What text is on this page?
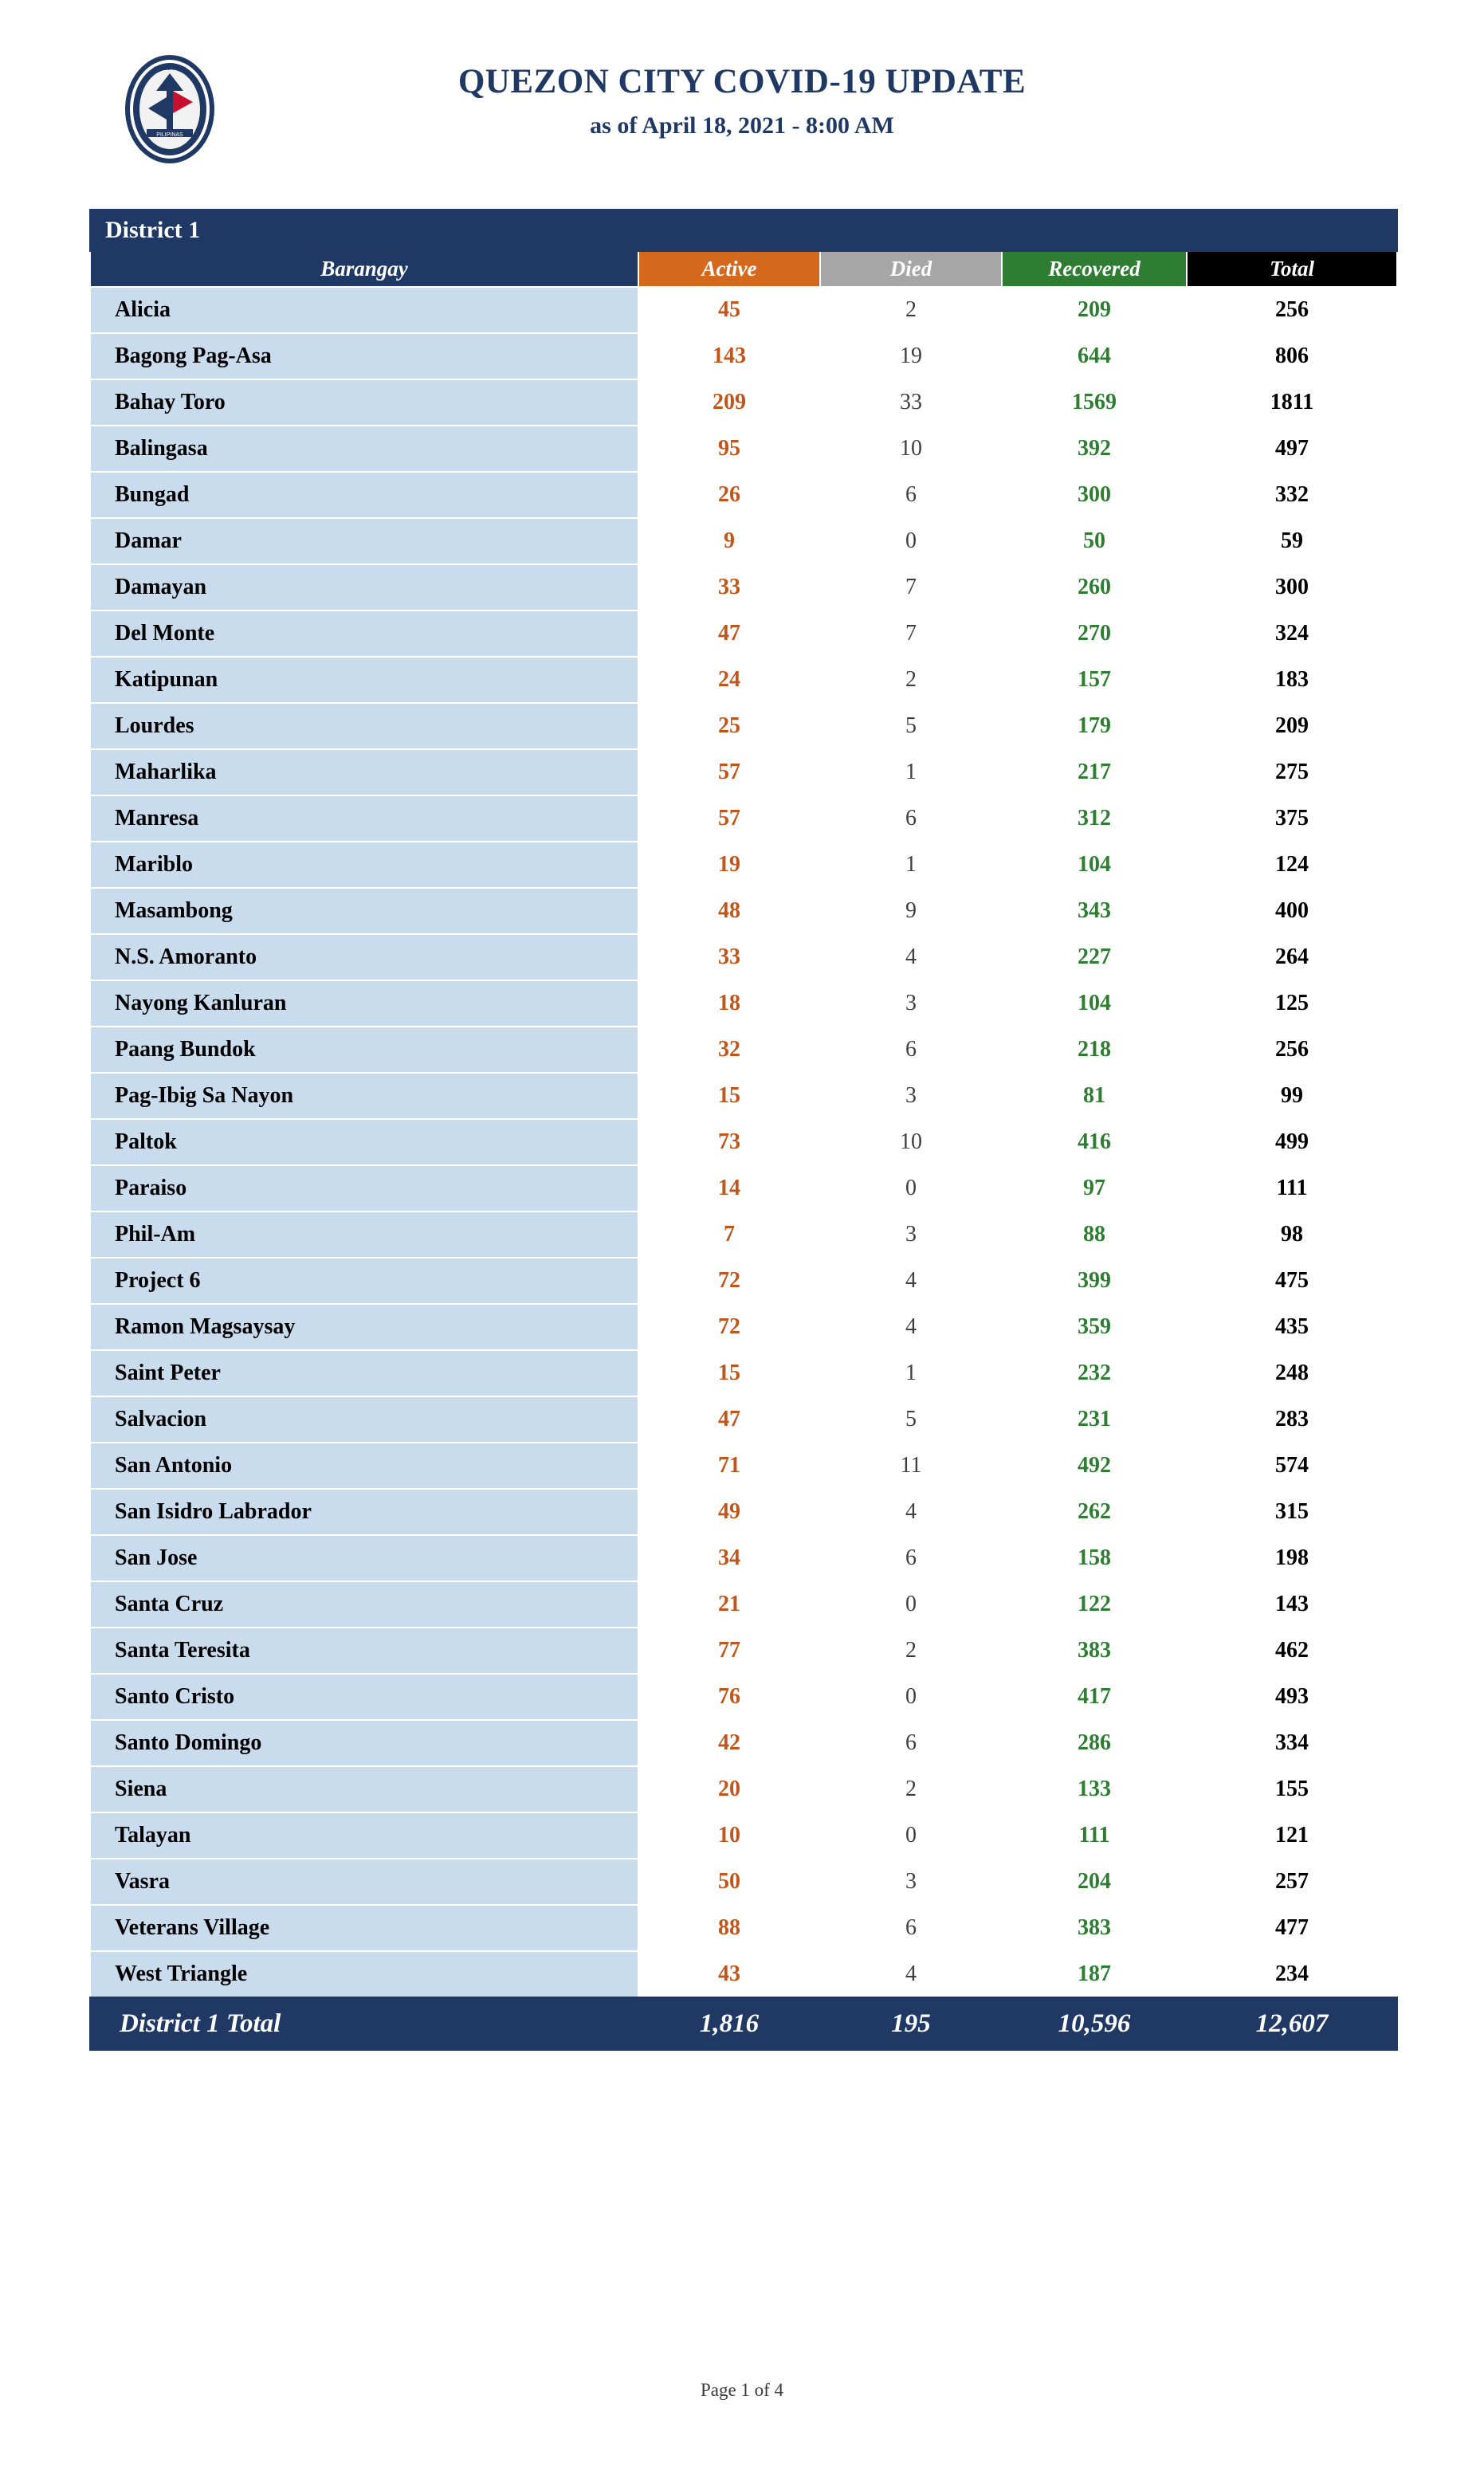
PILIPINAS
QUEZON CITY	QUEZON CITY COVID-19 UPDATE
as of April 18, 2021 - 8:00 AM
District 1				
Barangay	Active	Died	Recovered	Total
Alicia	45	2	209	256
Bagong Pag-Asa	143	19	644	806
Bahay Toro	209	33	1569	1811
Balingasa	95	10	392	497
Bungad	26	6	300	332
Damar	9	0	50	59
Damayan	33	7	260	300
Del Monte	47	7	270	324
Katipunan	24	2	157	183
Lourdes	25	5	179	209
Maharlika	57	1	217	275
Manresa	57	6	312	375
Mariblo	19	1	104	124
Masambong	48	9	343	400
N.S. Amoranto	33	4	227	264
Nayong Kanluran	18	3	104	125
Paang Bundok	32	6	218	256
Pag-Ibig Sa Nayon	15	3	81	99
Paltok	73	10	416	499
Paraiso	14	0	97	111
Phil-Am	7	3	88	98
Project 6	72	4	399	475
Ramon Magsaysay	72	4	359	435
Saint Peter	15	1	232	248
Salvacion	47	5	231	283
San Antonio	71	11	492	574
San Isidro Labrador	49	4	262	315
San Jose	34	6	158	198
Santa Cruz	21	0	122	143
Santa Teresita	77	2	383	462
Santo Cristo	76	0	417	493
Santo Domingo	42	6	286	334
Siena	20	2	133	155
Talayan	10	0	111	121
Vasra	50	3	204	257
Veterans Village	88	6	383	477
West Triangle	43	4	187	234
District 1 Total	1,816	195	10,596	12,607
Page 1 of 4
